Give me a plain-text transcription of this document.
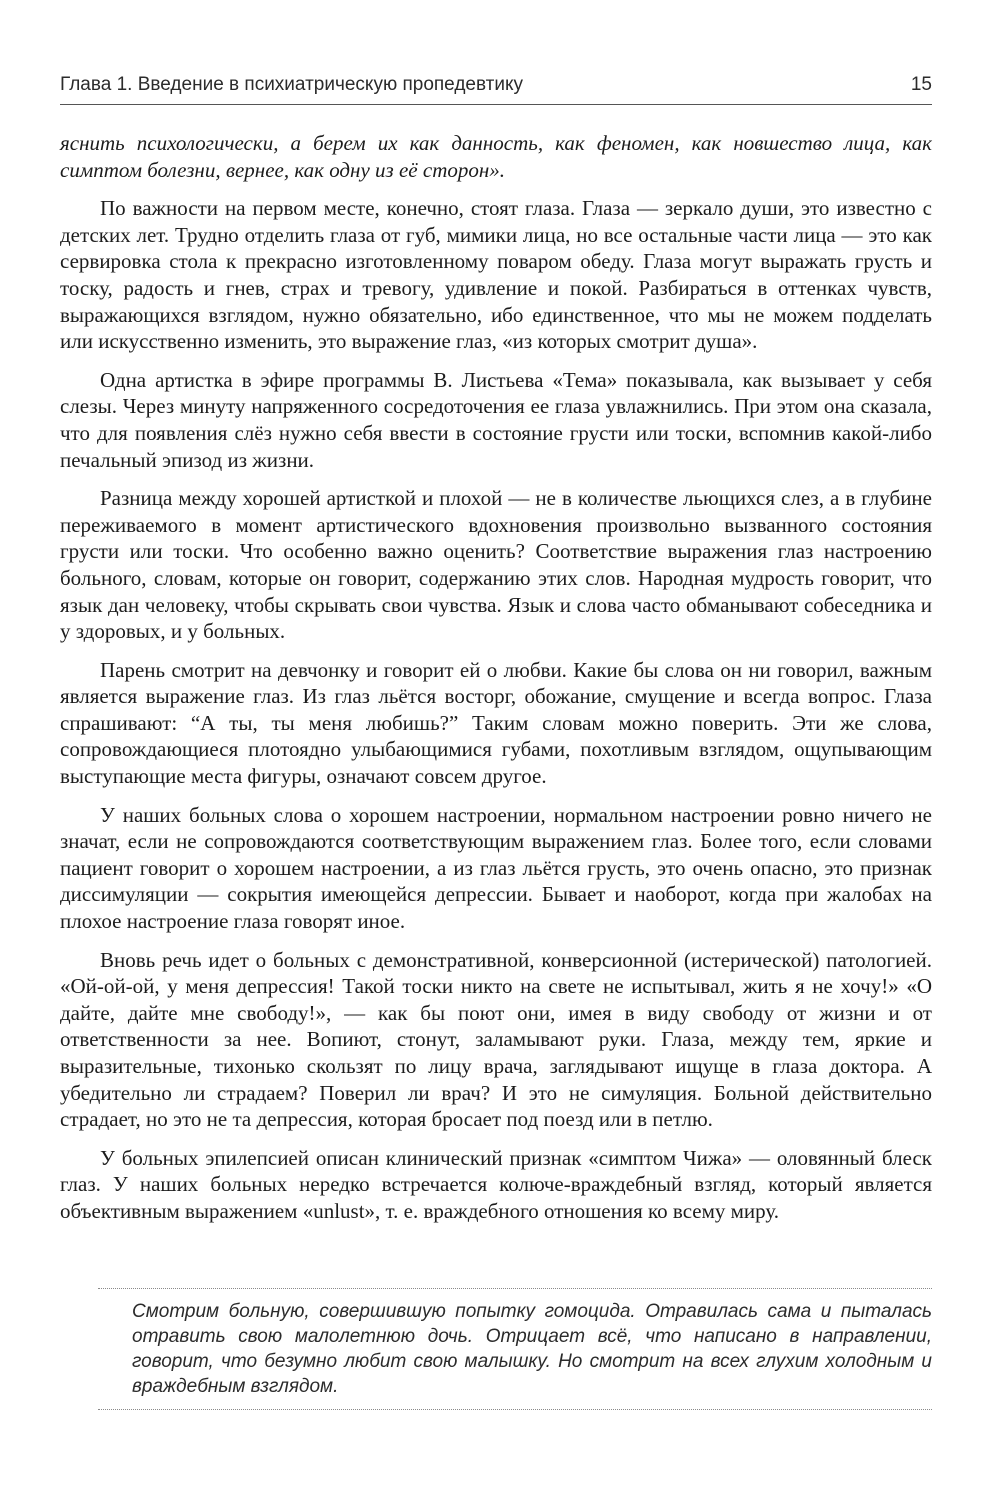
Глава 1. Введение в психиатрическую пропедевтику	15

яснить психологически, а берем их как данность, как феномен, как новшество лица, как симптом болезни, вернее, как одну из её сторон».

По важности на первом месте, конечно, стоят глаза. Глаза — зеркало души, это известно с детских лет. Трудно отделить глаза от губ, мимики лица, но все остальные части лица — это как сервировка стола к прекрасно изготовленному поваром обеду. Глаза могут выражать грусть и тоску, радость и гнев, страх и тревогу, удивление и покой. Разбираться в оттенках чувств, выражающихся взглядом, нужно обязательно, ибо единственное, что мы не можем подделать или искусственно изменить, это выражение глаз, «из которых смотрит душа».

Одна артистка в эфире программы В. Листьева «Тема» показывала, как вызывает у себя слезы. Через минуту напряженного сосредоточения ее глаза увлажнились. При этом она сказала, что для появления слёз нужно себя ввести в состояние грусти или тоски, вспомнив какой-либо печальный эпизод из жизни.

Разница между хорошей артисткой и плохой — не в количестве льющихся слез, а в глубине переживаемого в момент артистического вдохновения произвольно вызванного состояния грусти или тоски. Что особенно важно оценить? Соответствие выражения глаз настроению больного, словам, которые он говорит, содержанию этих слов. Народная мудрость говорит, что язык дан человеку, чтобы скрывать свои чувства. Язык и слова часто обманывают собеседника и у здоровых, и у больных.

Парень смотрит на девчонку и говорит ей о любви. Какие бы слова он ни говорил, важным является выражение глаз. Из глаз льётся восторг, обожание, смущение и всегда вопрос. Глаза спрашивают: “А ты, ты меня любишь?” Таким словам можно поверить. Эти же слова, сопровождающиеся плотоядно улыбающимися губами, похотливым взглядом, ощупывающим выступающие места фигуры, означают совсем другое.

У наших больных слова о хорошем настроении, нормальном настроении ровно ничего не значат, если не сопровождаются соответствующим выражением глаз. Более того, если словами пациент говорит о хорошем настроении, а из глаз льётся грусть, это очень опасно, это признак диссимуляции — сокрытия имеющейся депрессии. Бывает и наоборот, когда при жалобах на плохое настроение глаза говорят иное.

Вновь речь идет о больных с демонстративной, конверсионной (истерической) патологией. «Ой-ой-ой, у меня депрессия! Такой тоски никто на свете не испытывал, жить я не хочу!» «О дайте, дайте мне свободу!», — как бы поют они, имея в виду свободу от жизни и от ответственности за нее. Вопиют, стонут, заламывают руки. Глаза, между тем, яркие и выразительные, тихонько скользят по лицу врача, заглядывают ищуще в глаза доктора. А убедительно ли страдаем? Поверил ли врач? И это не симуляция. Больной действительно страдает, но это не та депрессия, которая бросает под поезд или в петлю.

У больных эпилепсией описан клинический признак «симптом Чижа» — оловянный блеск глаз. У наших больных нередко встречается колюче-враждебный взгляд, который является объективным выражением «unlust», т. е. враждебного отношения ко всему миру.

Смотрим больную, совершившую попытку гомоцида. Отравилась сама и пыталась отравить свою малолетнюю дочь. Отрицает всё, что написано в направлении, говорит, что безумно любит свою малышку. Но смотрит на всех глухим холодным и враждебным взглядом.
